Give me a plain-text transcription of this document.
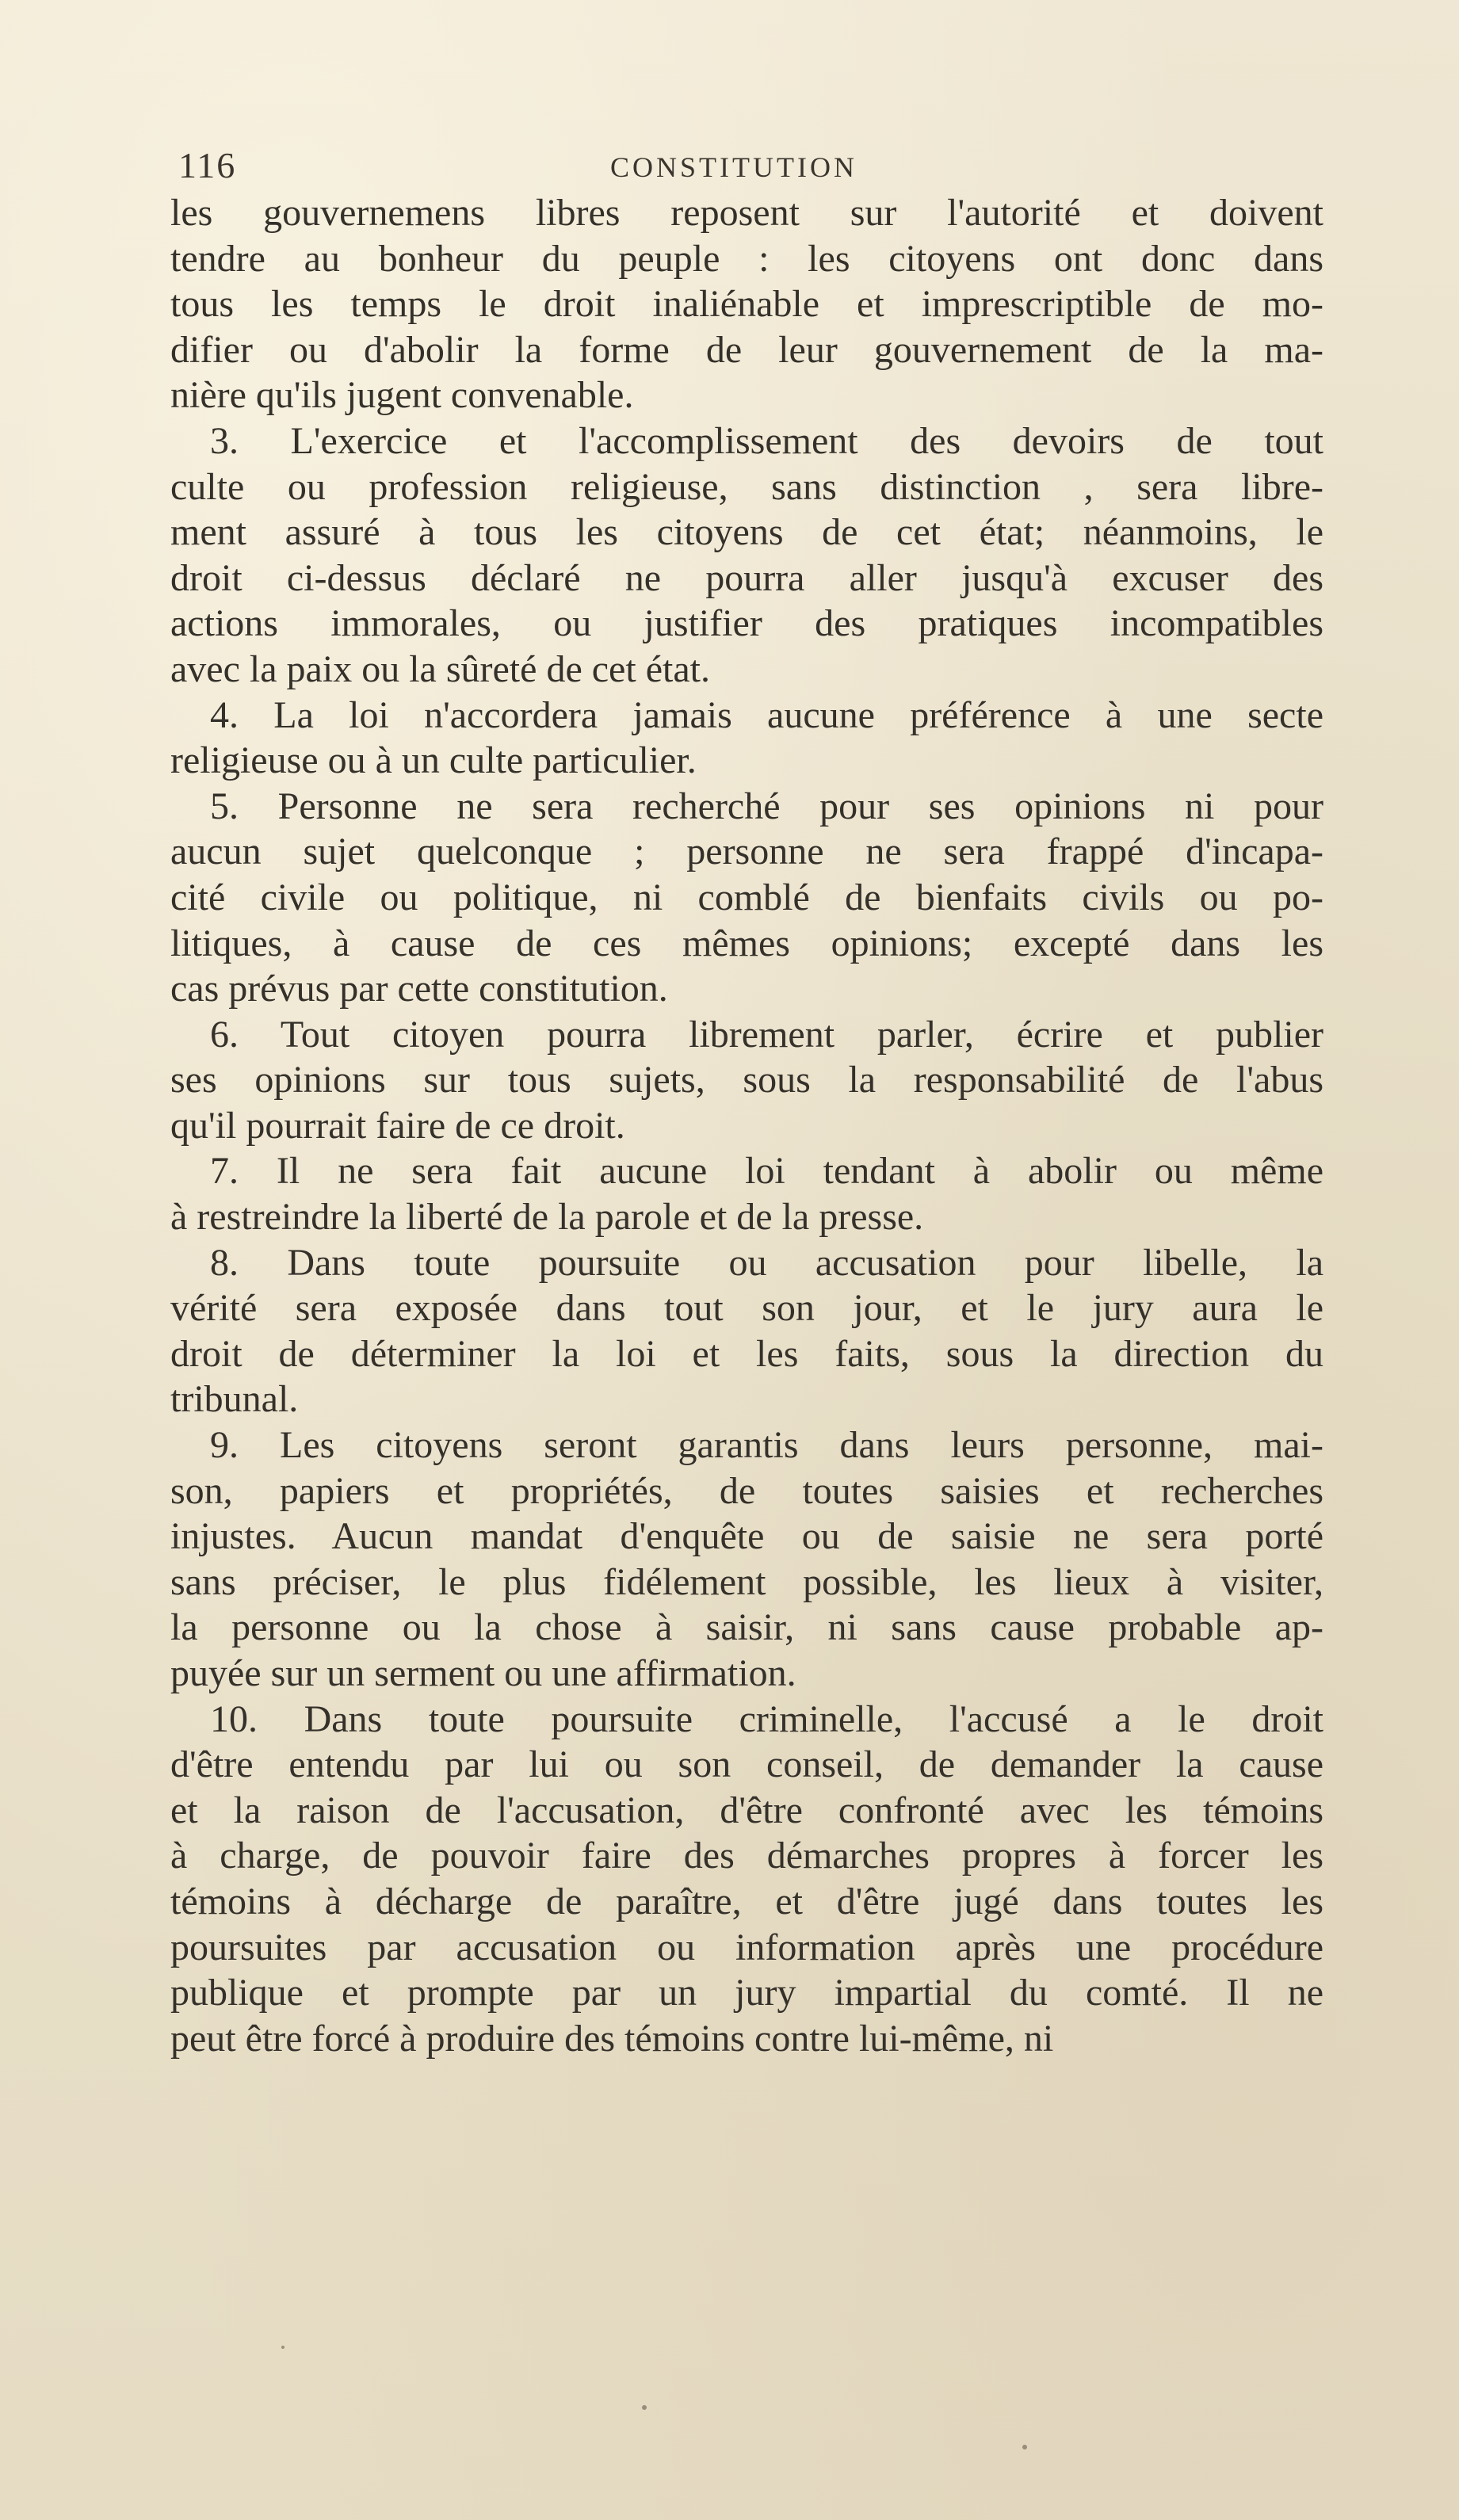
116	CONSTITUTION
les gouvernemens libres reposent sur l'autorité et doivent
tendre au bonheur du peuple : les citoyens ont donc dans
tous les temps le droit inaliénable et imprescriptible de mo-
difier ou d'abolir la forme de leur gouvernement de la ma-
nière qu'ils jugent convenable.
3. L'exercice et l'accomplissement des devoirs de tout
culte ou profession religieuse, sans distinction , sera libre-
ment assuré à tous les citoyens de cet état; néanmoins, le
droit ci-dessus déclaré ne pourra aller jusqu'à excuser des
actions immorales, ou justifier des pratiques incompatibles
avec la paix ou la sûreté de cet état.
4. La loi n'accordera jamais aucune préférence à une secte
religieuse ou à un culte particulier.
5. Personne ne sera recherché pour ses opinions ni pour
aucun sujet quelconque ; personne ne sera frappé d'incapa-
cité civile ou politique, ni comblé de bienfaits civils ou po-
litiques, à cause de ces mêmes opinions; excepté dans les
cas prévus par cette constitution.
6. Tout citoyen pourra librement parler, écrire et publier
ses opinions sur tous sujets, sous la responsabilité de l'abus
qu'il pourrait faire de ce droit.
7. Il ne sera fait aucune loi tendant à abolir ou même
à restreindre la liberté de la parole et de la presse.
8. Dans toute poursuite ou accusation pour libelle, la
vérité sera exposée dans tout son jour, et le jury aura le
droit de déterminer la loi et les faits, sous la direction du
tribunal.
9. Les citoyens seront garantis dans leurs personne, mai-
son, papiers et propriétés, de toutes saisies et recherches
injustes. Aucun mandat d'enquête ou de saisie ne sera porté
sans préciser, le plus fidélement possible, les lieux à visiter,
la personne ou la chose à saisir, ni sans cause probable ap-
puyée sur un serment ou une affirmation.
10. Dans toute poursuite criminelle, l'accusé a le droit
d'être entendu par lui ou son conseil, de demander la cause
et la raison de l'accusation, d'être confronté avec les témoins
à charge, de pouvoir faire des démarches propres à forcer les
témoins à décharge de paraître, et d'être jugé dans toutes les
poursuites par accusation ou information après une procédure
publique et prompte par un jury impartial du comté. Il ne
peut être forcé à produire des témoins contre lui-même, ni
